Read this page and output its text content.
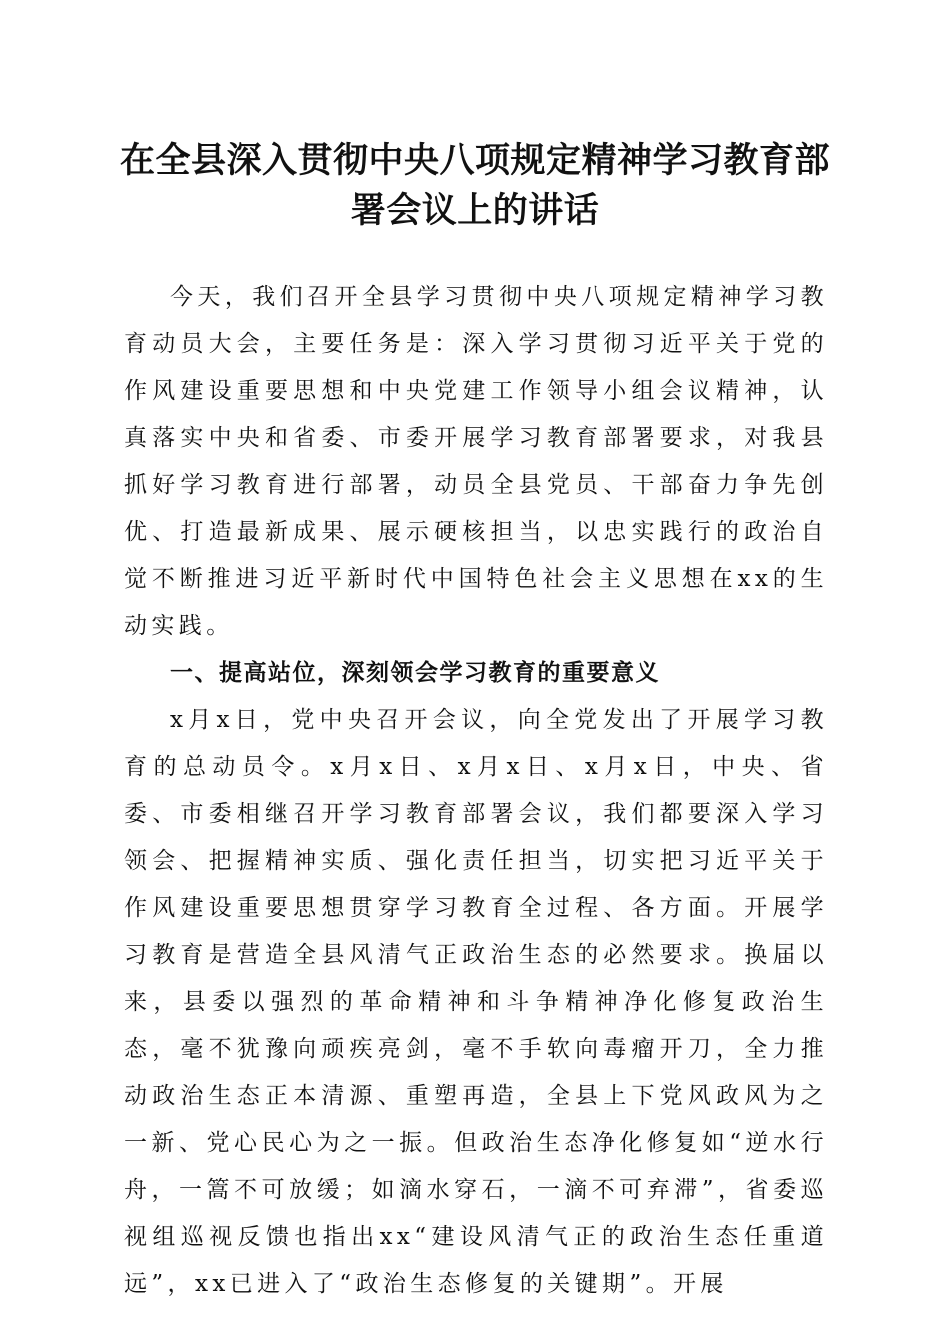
在全县深入贯彻中央八项规定精神学习教育部署会议上的讲话

今天，我们召开全县学习贯彻中央八项规定精神学习教育动员大会，主要任务是：深入学习贯彻习近平关于党的作风建设重要思想和中央党建工作领导小组会议精神，认真落实中央和省委、市委开展学习教育部署要求，对我县抓好学习教育进行部署，动员全县党员、干部奋力争先创优、打造最新成果、展示硬核担当，以忠实践行的政治自觉不断推进习近平新时代中国特色社会主义思想在xx的生动实践。

一、提高站位，深刻领会学习教育的重要意义

x月x日，党中央召开会议，向全党发出了开展学习教育的总动员令。x月x日、x月x日、x月x日，中央、省委、市委相继召开学习教育部署会议，我们都要深入学习领会、把握精神实质、强化责任担当，切实把习近平关于作风建设重要思想贯穿学习教育全过程、各方面。开展学习教育是营造全县风清气正政治生态的必然要求。换届以来，县委以强烈的革命精神和斗争精神净化修复政治生态，毫不犹豫向顽疾亮剑，毫不手软向毒瘤开刀，全力推动政治生态正本清源、重塑再造，全县上下党风政风为之一新、党心民心为之一振。但政治生态净化修复如“逆水行舟，一篙不可放缓；如滴水穿石，一滴不可弃滞”，省委巡视组巡视反馈也指出xx“建设风清气正的政治生态任重道远”，xx已进入了“政治生态修复的关键期”。开展
